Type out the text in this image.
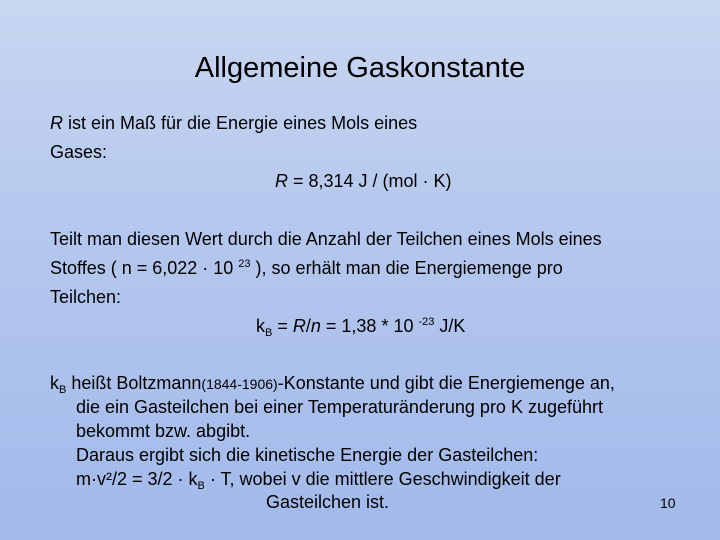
Allgemeine Gaskonstante
R ist ein Maß für die Energie eines Mols eines
Gases:
R = 8,314 J / (mol · K)
Teilt man diesen Wert durch die Anzahl der Teilchen eines Mols eines
Stoffes ( n = 6,022 · 10 $^{23}$ ), so erhält man die Energiemenge pro
Teilchen:
$k_B = R/n = 1,38 * 10$ $^{-23}$ J/K
$k_B$ heißt Boltzmann(1844-1906)-Konstante und gibt die Energiemenge an,
die ein Gasteilchen bei einer Temperaturänderung pro K zugeführt
bekommt bzw. abgibt.
Daraus ergibt sich die kinetische Energie der Gasteilchen:
$m\cdot v^2/2 = 3/2 \cdot k_B \cdot T$, wobei v die mittlere Geschwindigkeit der
Gasteilchen ist.	10
